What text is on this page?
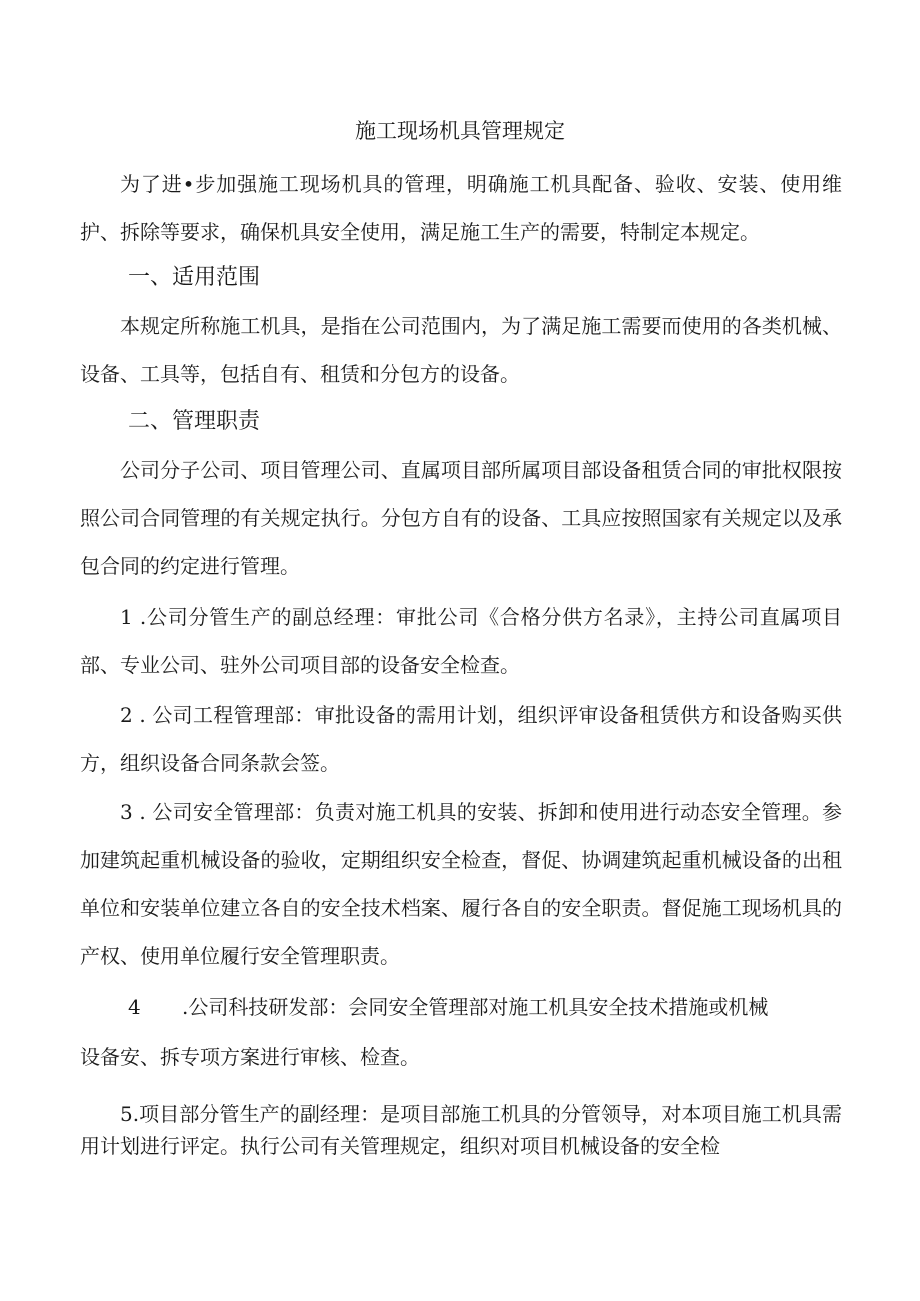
施工现场机具管理规定
为了进•步加强施工现场机具的管理，明确施工机具配备、验收、安装、使用维护、拆除等要求，确保机具安全使用，满足施工生产的需要，特制定本规定。
一、适用范围
本规定所称施工机具，是指在公司范围内，为了满足施工需要而使用的各类机械、设备、工具等，包括自有、租赁和分包方的设备。
二、管理职责
公司分子公司、项目管理公司、直属项目部所属项目部设备租赁合同的审批权限按照公司合同管理的有关规定执行。分包方自有的设备、工具应按照国家有关规定以及承包合同的约定进行管理。
1 .公司分管生产的副总经理：审批公司《合格分供方名录》，主持公司直属项目部、专业公司、驻外公司项目部的设备安全检查。
2 . 公司工程管理部：审批设备的需用计划，组织评审设备租赁供方和设备购买供方，组织设备合同条款会签。
3 . 公司安全管理部：负责对施工机具的安装、拆卸和使用进行动态安全管理。参加建筑起重机械设备的验收，定期组织安全检查，督促、协调建筑起重机械设备的出租单位和安装单位建立各自的安全技术档案、履行各自的安全职责。督促施工现场机具的产权、使用单位履行安全管理职责。
4 .公司科技研发部：会同安全管理部对施工机具安全技术措施或机械
设备安、拆专项方案进行审核、检查。
5.项目部分管生产的副经理：是项目部施工机具的分管领导，对本项目施工机具需用计划进行评定。执行公司有关管理规定，组织对项目机械设备的安全检
